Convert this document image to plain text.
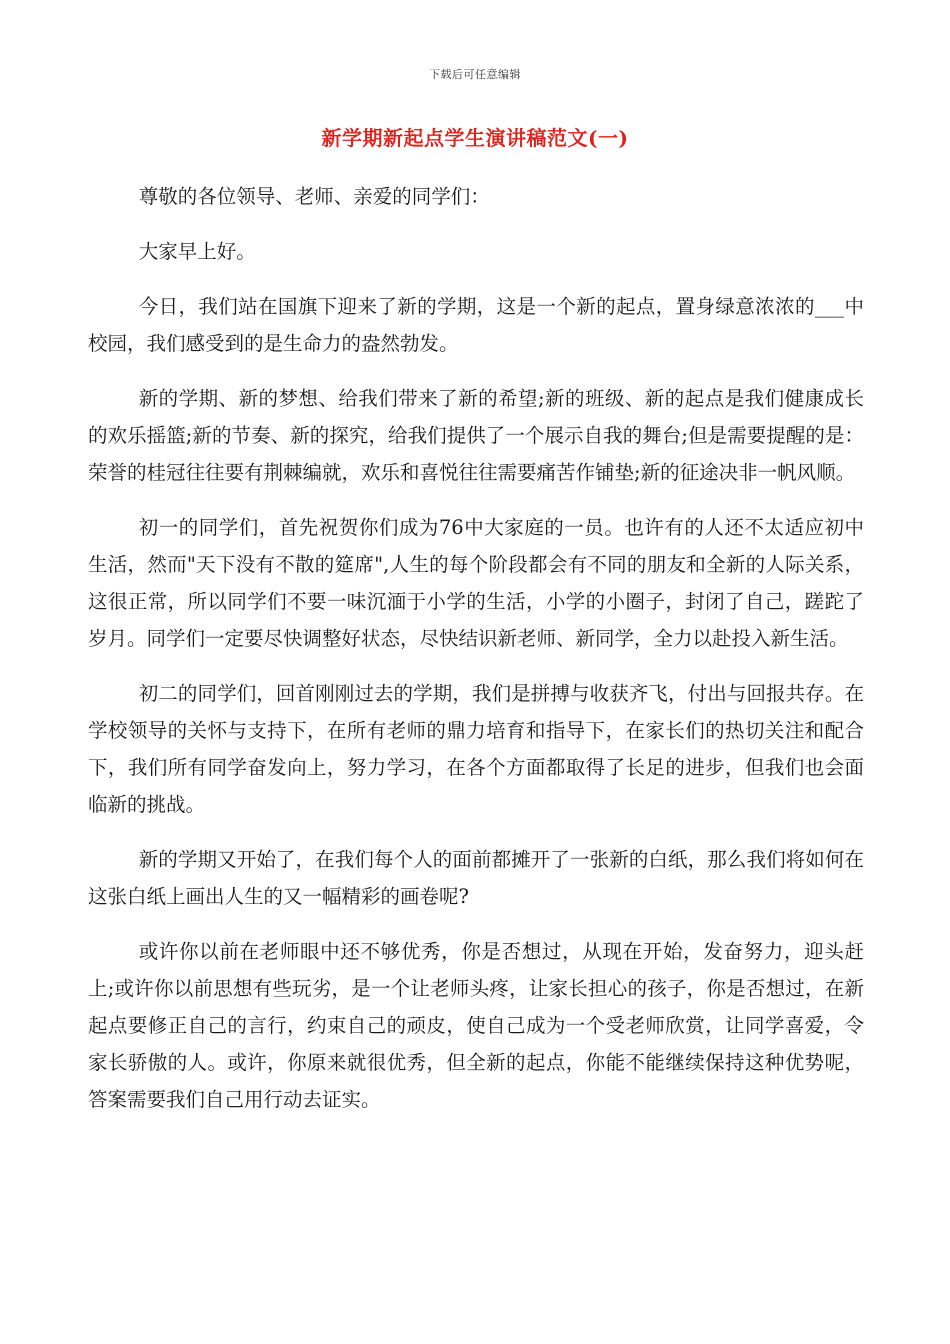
下载后可任意编辑
新学期新起点学生演讲稿范文(一)

尊敬的各位领导、老师、亲爱的同学们：

大家早上好。

今日，我们站在国旗下迎来了新的学期，这是一个新的起点，置身绿意浓浓的___中校园，我们感受到的是生命力的盎然勃发。

新的学期、新的梦想、给我们带来了新的希望;新的班级、新的起点是我们健康成长的欢乐摇篮;新的节奏、新的探究，给我们提供了一个展示自我的舞台;但是需要提醒的是：荣誉的桂冠往往要有荆棘编就，欢乐和喜悦往往需要痛苦作铺垫;新的征途决非一帆风顺。

初一的同学们，首先祝贺你们成为76中大家庭的一员。也许有的人还不太适应初中生活，然而"天下没有不散的筵席",人生的每个阶段都会有不同的朋友和全新的人际关系，这很正常，所以同学们不要一味沉湎于小学的生活，小学的小圈子，封闭了自己，蹉跎了岁月。同学们一定要尽快调整好状态，尽快结识新老师、新同学，全力以赴投入新生活。

初二的同学们，回首刚刚过去的学期，我们是拼搏与收获齐飞，付出与回报共存。在学校领导的关怀与支持下，在所有老师的鼎力培育和指导下，在家长们的热切关注和配合下，我们所有同学奋发向上，努力学习，在各个方面都取得了长足的进步，但我们也会面临新的挑战。

新的学期又开始了，在我们每个人的面前都摊开了一张新的白纸，那么我们将如何在这张白纸上画出人生的又一幅精彩的画卷呢?

或许你以前在老师眼中还不够优秀，你是否想过，从现在开始，发奋努力，迎头赶上;或许你以前思想有些玩劣，是一个让老师头疼，让家长担心的孩子，你是否想过，在新起点要修正自己的言行，约束自己的顽皮，使自己成为一个受老师欣赏，让同学喜爱，令家长骄傲的人。或许，你原来就很优秀，但全新的起点，你能不能继续保持这种优势呢，答案需要我们自己用行动去证实。
